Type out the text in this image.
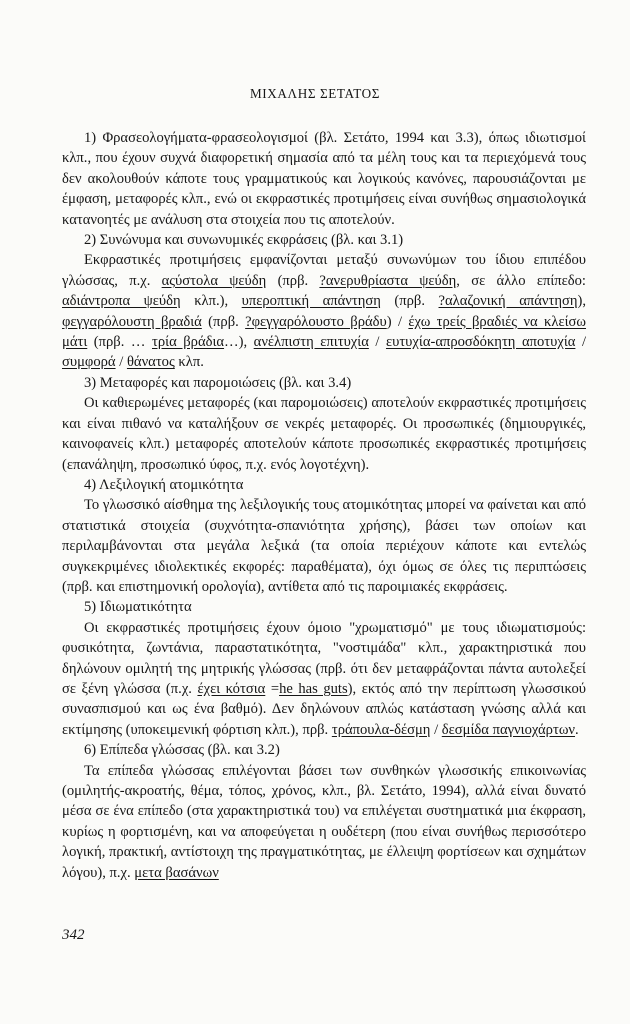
ΜΙΧΑΛΗΣ ΣΕΤΑΤΟΣ

1) Φρασεολογήματα-φρασεολογισμοί (βλ. Σετάτο, 1994 και 3.3), όπως ιδιωτισμοί κλπ., που έχουν συχνά διαφορετική σημασία από τα μέλη τους και τα περιεχόμενά τους δεν ακολουθούν κάποτε τους γραμματικούς και λογικούς κανόνες, παρουσιάζονται με έμφαση, μεταφορές κλπ., ενώ οι εκφραστικές προτιμήσεις είναι συνήθως σημασιολογικά κατανοητές με ανάλυση στα στοιχεία που τις αποτελούν.

2) Συνώνυμα και συνωνυμικές εκφράσεις (βλ. και 3.1)

Εκφραστικές προτιμήσεις εμφανίζονται μεταξύ συνωνύμων του ίδιου επιπέδου γλώσσας, π.χ. αςύστολα ψεύδη (πρβ. ?ανερυθρίαστα ψεύδη, σε άλλο επίπεδο: αδιάντροπα ψεύδη κλπ.), υπεροπτική απάντηση (πρβ. ?αλαζονική απάντηση), φεγγαρόλουστη βραδιά (πρβ. ?φεγγαρόλουστο βράδυ) / έχω τρείς βραδιές να κλείσω μάτι (πρβ. … τρία βράδια…), ανέλπιστη επιτυχία / ευτυχία-απροσδόκητη αποτυχία / συμφορά / θάνατος κλπ.

3) Μεταφορές και παρομοιώσεις (βλ. και 3.4)

Οι καθιερωμένες μεταφορές (και παρομοιώσεις) αποτελούν εκφραστικές προτιμήσεις και είναι πιθανό να καταλήξουν σε νεκρές μεταφορές. Οι προσωπικές (δημιουργικές, καινοφανείς κλπ.) μεταφορές αποτελούν κάποτε προσωπικές εκφραστικές προτιμήσεις (επανάληψη, προσωπικό ύφος, π.χ. ενός λογοτέχνη).

4) Λεξιλογική ατομικότητα

Το γλωσσικό αίσθημα της λεξιλογικής τους ατομικότητας μπορεί να φαίνεται και από στατιστικά στοιχεία (συχνότητα-σπανιότητα χρήσης), βάσει των οποίων και περιλαμβάνονται στα μεγάλα λεξικά (τα οποία περιέχουν κάποτε και εντελώς συγκεκριμένες ιδιολεκτικές εκφορές: παραθέματα), όχι όμως σε όλες τις περιπτώσεις (πρβ. και επιστημονική ορολογία), αντίθετα από τις παροιμιακές εκφράσεις.

5) Ιδιωματικότητα

Οι εκφραστικές προτιμήσεις έχουν όμοιο "χρωματισμό" με τους ιδιωματισμούς: φυσικότητα, ζωντάνια, παραστατικότητα, "νοστιμάδα" κλπ., χαρακτηριστικά που δηλώνουν ομιλητή της μητρικής γλώσσας (πρβ. ότι δεν μεταφράζονται πάντα αυτολεξεί σε ξένη γλώσσα (π.χ. έχει κότσια =he has guts), εκτός από την περίπτωση γλωσσικού συνασπισμού και ως ένα βαθμό). Δεν δηλώνουν απλώς κατάσταση γνώσης αλλά και εκτίμησης (υποκειμενική φόρτιση κλπ.), πρβ. τράπουλα-δέσμη / δεσμίδα παγνιοχάρτων.

6) Επίπεδα γλώσσας (βλ. και 3.2)

Τα επίπεδα γλώσσας επιλέγονται βάσει των συνθηκών γλωσσικής επικοινωνίας (ομιλητής-ακροατής, θέμα, τόπος, χρόνος, κλπ., βλ. Σετάτο, 1994), αλλά είναι δυνατό μέσα σε ένα επίπεδο (στα χαρακτηριστικά του) να επιλέγεται συστηματικά μια έκφραση, κυρίως η φορτισμένη, και να αποφεύγεται η ουδέτερη (που είναι συνήθως περισσότερο λογική, πρακτική, αντίστοιχη της πραγματικότητας, με έλλειψη φορτίσεων και σχημάτων λόγου), π.χ. μετα βασάνων

342
